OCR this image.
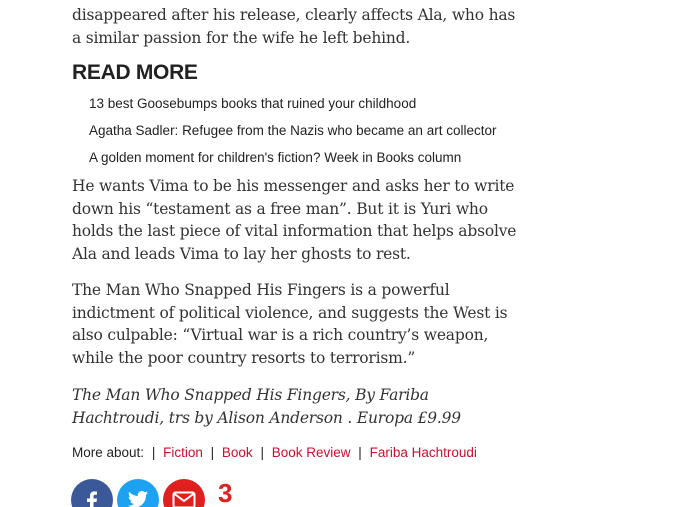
disappeared after his release, clearly affects Ala, who has a similar passion for the wife he left behind.

READ MORE
13 best Goosebumps books that ruined your childhood
Agatha Sadler: Refugee from the Nazis who became an art collector
A golden moment for children's fiction? Week in Books column

He wants Vima to be his messenger and asks her to write down his “testament as a free man”. But it is Yuri who holds the last piece of vital information that helps absolve Ala and leads Vima to lay her ghosts to rest.

The Man Who Snapped His Fingers is a powerful indictment of political violence, and suggests the West is also culpable: “Virtual war is a rich country’s weapon, while the poor country resorts to terrorism.”

The Man Who Snapped His Fingers, By Fariba Hachtroudi, trs by Alison Anderson . Europa £9.99

More about: | Fiction | Book | Book Review | Fariba Hachtroudi
3
